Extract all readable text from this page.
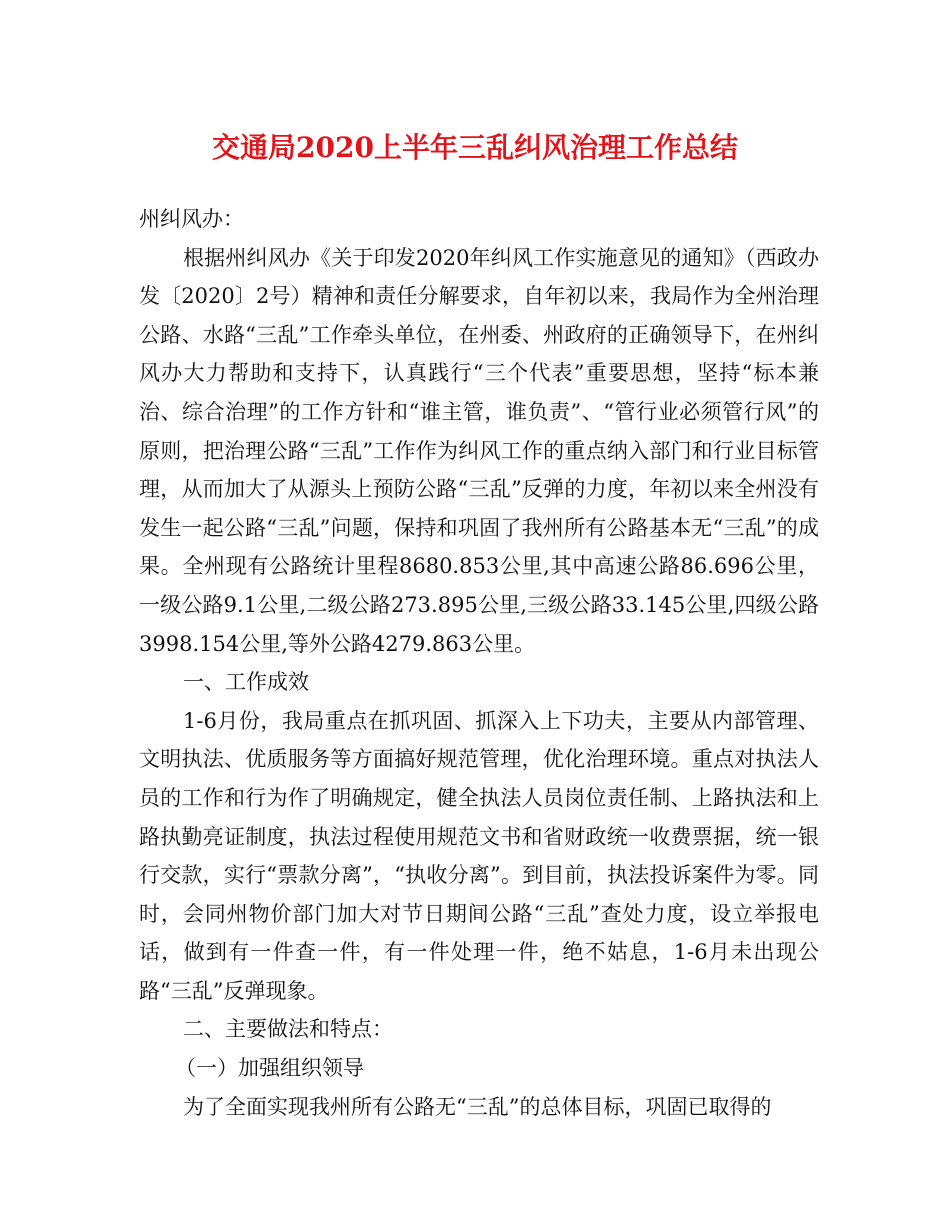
交通局2020上半年三乱纠风治理工作总结

州纠风办：

根据州纠风办《关于印发2020年纠风工作实施意见的通知》（西政办发〔2020〕2号）精神和责任分解要求，自年初以来，我局作为全州治理公路、水路“三乱”工作牵头单位，在州委、州政府的正确领导下，在州纠风办大力帮助和支持下，认真践行“三个代表”重要思想，坚持“标本兼治、综合治理”的工作方针和“谁主管，谁负责”、“管行业必须管行风”的原则，把治理公路“三乱”工作作为纠风工作的重点纳入部门和行业目标管理，从而加大了从源头上预防公路“三乱”反弹的力度，年初以来全州没有发生一起公路“三乱”问题，保持和巩固了我州所有公路基本无“三乱”的成果。全州现有公路统计里程8680.853公里,其中高速公路86.696公里，一级公路9.1公里,二级公路273.895公里,三级公路33.145公里,四级公路3998.154公里,等外公路4279.863公里。

一、工作成效

1-6月份，我局重点在抓巩固、抓深入上下功夫，主要从内部管理、文明执法、优质服务等方面搞好规范管理，优化治理环境。重点对执法人员的工作和行为作了明确规定，健全执法人员岗位责任制、上路执法和上路执勤亮证制度，执法过程使用规范文书和省财政统一收费票据，统一银行交款，实行“票款分离”，“执收分离”。到目前，执法投诉案件为零。同时，会同州物价部门加大对节日期间公路“三乱”查处力度，设立举报电话，做到有一件查一件，有一件处理一件，绝不姑息，1-6月未出现公路“三乱”反弹现象。

二、主要做法和特点：

（一）加强组织领导

为了全面实现我州所有公路无“三乱”的总体目标，巩固已取得的
